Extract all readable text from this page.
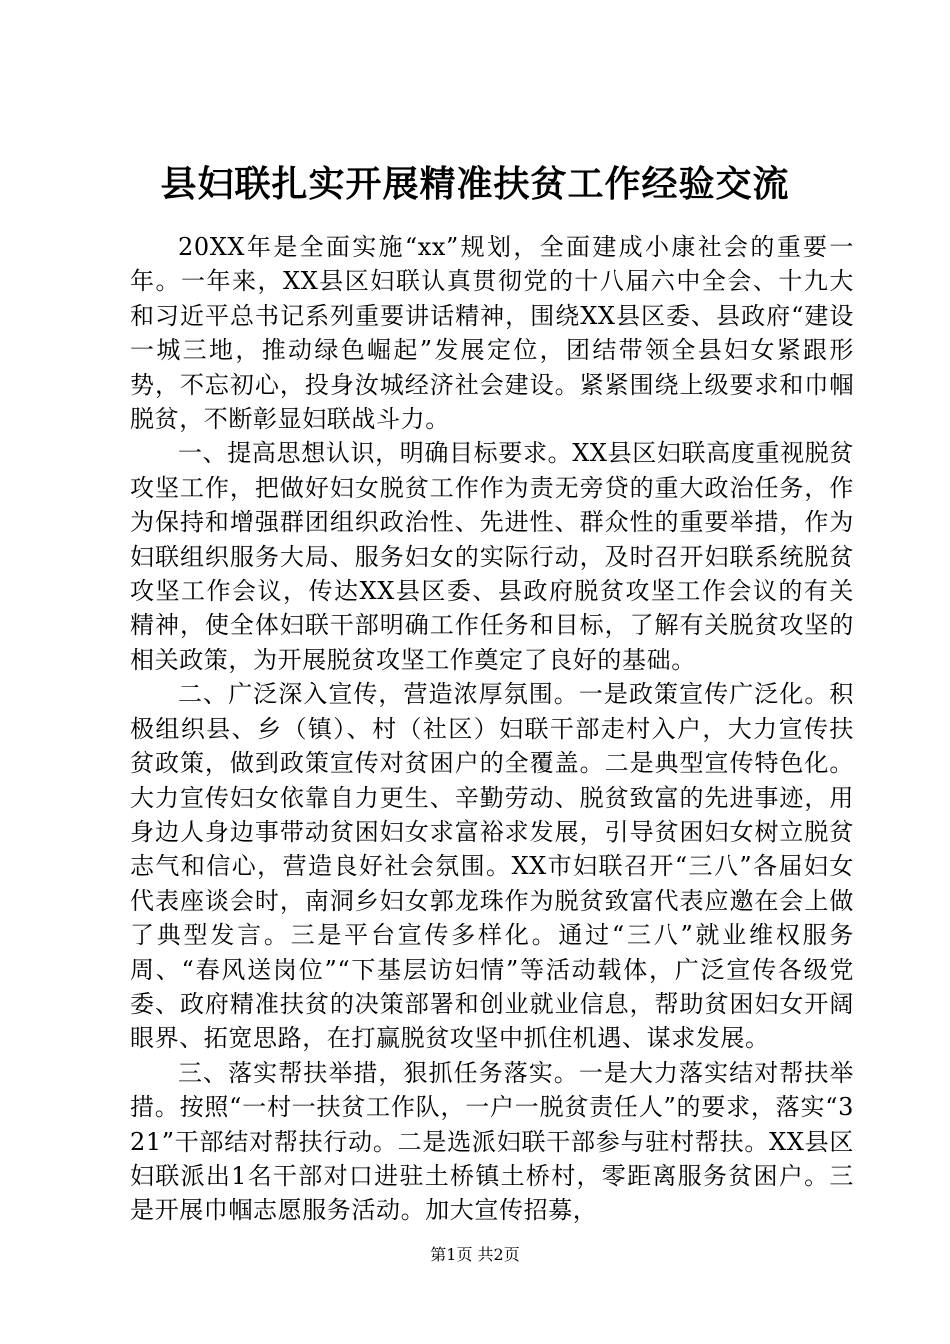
县妇联扎实开展精准扶贫工作经验交流

20XX年是全面实施“xx”规划，全面建成小康社会的重要一年。一年来，XX县区妇联认真贯彻党的十八届六中全会、十九大和习近平总书记系列重要讲话精神，围绕XX县区委、县政府“建设一城三地，推动绿色崛起”发展定位，团结带领全县妇女紧跟形势，不忘初心，投身汝城经济社会建设。紧紧围绕上级要求和巾帼脱贫，不断彰显妇联战斗力。

一、提高思想认识，明确目标要求。XX县区妇联高度重视脱贫攻坚工作，把做好妇女脱贫工作作为责无旁贷的重大政治任务，作为保持和增强群团组织政治性、先进性、群众性的重要举措，作为妇联组织服务大局、服务妇女的实际行动，及时召开妇联系统脱贫攻坚工作会议，传达XX县区委、县政府脱贫攻坚工作会议的有关精神，使全体妇联干部明确工作任务和目标，了解有关脱贫攻坚的相关政策，为开展脱贫攻坚工作奠定了良好的基础。

二、广泛深入宣传，营造浓厚氛围。一是政策宣传广泛化。积极组织县、乡（镇）、村（社区）妇联干部走村入户，大力宣传扶贫政策，做到政策宣传对贫困户的全覆盖。二是典型宣传特色化。大力宣传妇女依靠自力更生、辛勤劳动、脱贫致富的先进事迹，用身边人身边事带动贫困妇女求富裕求发展，引导贫困妇女树立脱贫志气和信心，营造良好社会氛围。XX市妇联召开“三八”各届妇女代表座谈会时，南洞乡妇女郭龙珠作为脱贫致富代表应邀在会上做了典型发言。三是平台宣传多样化。通过“三八”就业维权服务周、“春风送岗位”“下基层访妇情”等活动载体，广泛宣传各级党委、政府精准扶贫的决策部署和创业就业信息，帮助贫困妇女开阔眼界、拓宽思路，在打赢脱贫攻坚中抓住机遇、谋求发展。

三、落实帮扶举措，狠抓任务落实。一是大力落实结对帮扶举措。按照“一村一扶贫工作队，一户一脱贫责任人”的要求，落实“321”干部结对帮扶行动。二是选派妇联干部参与驻村帮扶。XX县区妇联派出1名干部对口进驻土桥镇土桥村，零距离服务贫困户。三是开展巾帼志愿服务活动。加大宣传招募，

第1页 共2页
